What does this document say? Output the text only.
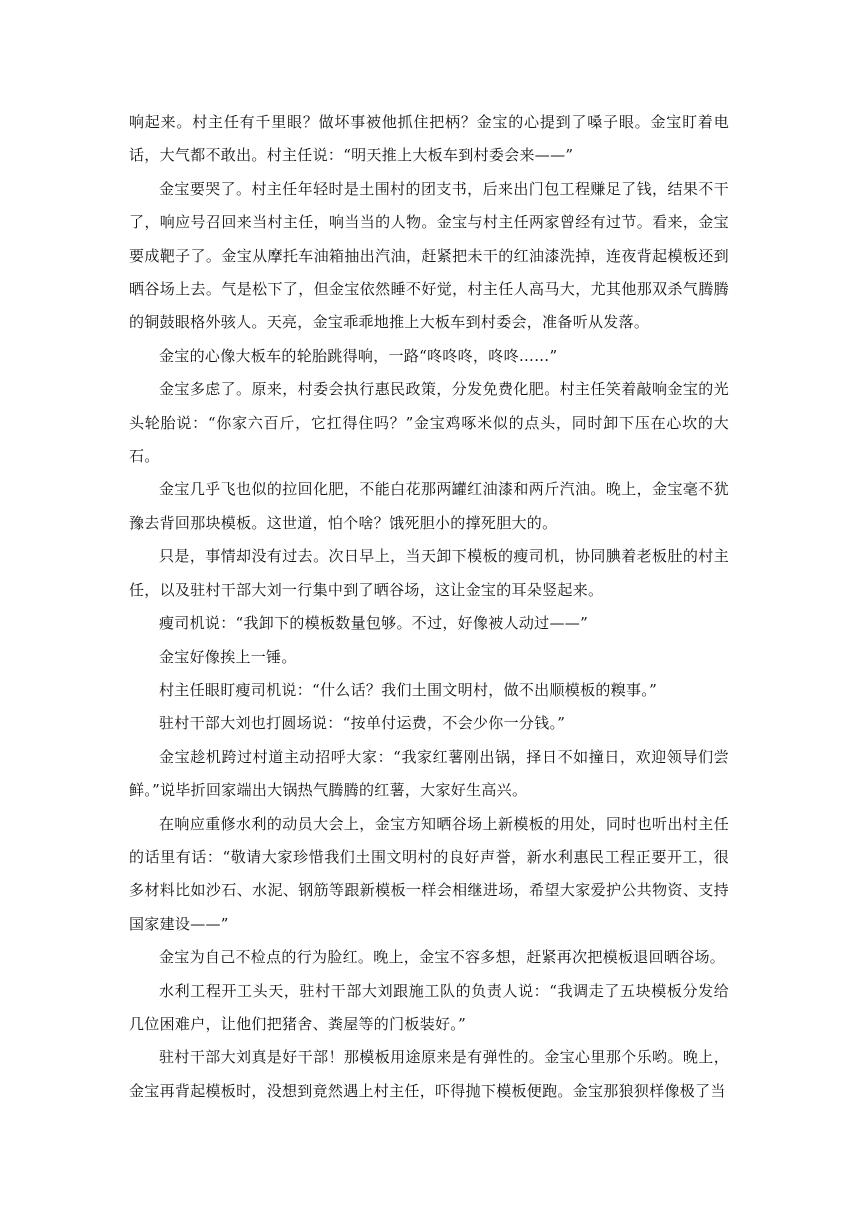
响起来。村主任有千里眼？做坏事被他抓住把柄？金宝的心提到了嗓子眼。金宝盯着电话，大气都不敢出。村主任说：“明天推上大板车到村委会来——”

金宝要哭了。村主任年轻时是土围村的团支书，后来出门包工程赚足了钱，结果不干了，响应号召回来当村主任，响当当的人物。金宝与村主任两家曾经有过节。看来，金宝要成靶子了。金宝从摩托车油箱抽出汽油，赶紧把未干的红油漆洗掉，连夜背起模板还到晒谷场上去。气是松下了，但金宝依然睡不好觉，村主任人高马大，尤其他那双杀气腾腾的铜鼓眼格外骇人。天亮，金宝乖乖地推上大板车到村委会，准备听从发落。

金宝的心像大板车的轮胎跳得响，一路“咚咚咚，咚咚……”

金宝多虑了。原来，村委会执行惠民政策，分发免费化肥。村主任笑着敲响金宝的光头轮胎说：“你家六百斤，它扛得住吗？”金宝鸡啄米似的点头，同时卸下压在心坎的大石。

金宝几乎飞也似的拉回化肥，不能白花那两罐红油漆和两斤汽油。晚上，金宝毫不犹豫去背回那块模板。这世道，怕个啥？饿死胆小的撑死胆大的。

只是，事情却没有过去。次日早上，当天卸下模板的瘦司机，协同腆着老板肚的村主任，以及驻村干部大刘一行集中到了晒谷场，这让金宝的耳朵竖起来。

瘦司机说：“我卸下的模板数量包够。不过，好像被人动过——”

金宝好像挨上一锤。

村主任眼盯瘦司机说：“什么话？我们土围文明村，做不出顺模板的糗事。”

驻村干部大刘也打圆场说：“按单付运费，不会少你一分钱。”

金宝趁机跨过村道主动招呼大家：“我家红薯刚出锅，择日不如撞日，欢迎领导们尝鲜。”说毕折回家端出大锅热气腾腾的红薯，大家好生高兴。

在响应重修水利的动员大会上，金宝方知晒谷场上新模板的用处，同时也听出村主任的话里有话：“敬请大家珍惜我们土围文明村的良好声誉，新水利惠民工程正要开工，很多材料比如沙石、水泥、钢筋等跟新模板一样会相继进场，希望大家爱护公共物资、支持国家建设——”

金宝为自己不检点的行为脸红。晚上，金宝不容多想，赶紧再次把模板退回晒谷场。

水利工程开工头天，驻村干部大刘跟施工队的负责人说：“我调走了五块模板分发给几位困难户，让他们把猪舍、粪屋等的门板装好。”

驻村干部大刘真是好干部！那模板用途原来是有弹性的。金宝心里那个乐哟。晚上，金宝再背起模板时，没想到竟然遇上村主任，吓得抛下模板便跑。金宝那狼狈样像极了当
